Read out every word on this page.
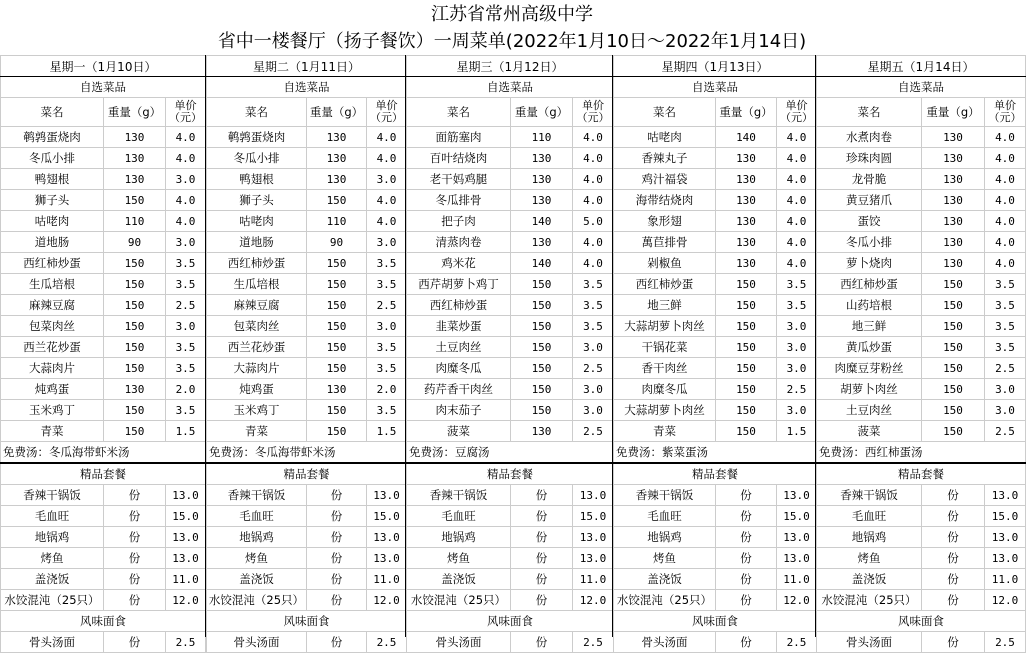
江苏省常州高级中学
省中一楼餐厅（扬子餐饮）一周菜单(2022年1月10日～2022年1月14日)
星期一（1月10日）		
自选菜品		
菜名	重量（g）	单价（元）
鹌鹑蛋烧肉	130	4.0
冬瓜小排	130	4.0
鸭翅根	130	3.0
狮子头	150	4.0
咕咾肉	110	4.0
道地肠	90	3.0
西红柿炒蛋	150	3.5
生瓜培根	150	3.5
麻辣豆腐	150	2.5
包菜肉丝	150	3.0
西兰花炒蛋	150	3.5
大蒜肉片	150	3.5
炖鸡蛋	130	2.0
玉米鸡丁	150	3.5
青菜	150	1.5
免费汤：冬瓜海带虾米汤		
精品套餐		
香辣干锅饭	份	13.0
毛血旺	份	15.0
地锅鸡	份	13.0
烤鱼	份	13.0
盖浇饭	份	11.0
水饺混沌（25只）	份	12.0
风味面食		
骨头汤面	份	2.5
星期二（1月11日）		
自选菜品		
菜名	重量（g）	单价（元）
鹌鹑蛋烧肉	130	4.0
冬瓜小排	130	4.0
鸭翅根	130	3.0
狮子头	150	4.0
咕咾肉	110	4.0
道地肠	90	3.0
西红柿炒蛋	150	3.5
生瓜培根	150	3.5
麻辣豆腐	150	2.5
包菜肉丝	150	3.0
西兰花炒蛋	150	3.5
大蒜肉片	150	3.5
炖鸡蛋	130	2.0
玉米鸡丁	150	3.5
青菜	150	1.5
免费汤：冬瓜海带虾米汤		
精品套餐		
香辣干锅饭	份	13.0
毛血旺	份	15.0
地锅鸡	份	13.0
烤鱼	份	13.0
盖浇饭	份	11.0
水饺混沌（25只）	份	12.0
风味面食		
骨头汤面	份	2.5
星期三（1月12日）		
自选菜品		
菜名	重量（g）	单价（元）
面筋塞肉	110	4.0
百叶结烧肉	130	4.0
老干妈鸡腿	130	4.0
冬瓜排骨	130	4.0
把子肉	140	5.0
清蒸肉卷	130	4.0
鸡米花	140	4.0
西芹胡萝卜鸡丁	150	3.5
西红柿炒蛋	150	3.5
韭菜炒蛋	150	3.5
土豆肉丝	150	3.0
肉糜冬瓜	150	2.5
药芹香干肉丝	150	3.0
肉末茄子	150	3.0
菠菜	130	2.5
免费汤：豆腐汤		
精品套餐		
香辣干锅饭	份	13.0
毛血旺	份	15.0
地锅鸡	份	13.0
烤鱼	份	13.0
盖浇饭	份	11.0
水饺混沌（25只）	份	12.0
风味面食		
骨头汤面	份	2.5
星期四（1月13日）		
自选菜品		
菜名	重量（g）	单价（元）
咕咾肉	140	4.0
香辣丸子	130	4.0
鸡汁福袋	130	4.0
海带结烧肉	130	4.0
象形翅	130	4.0
萬苣排骨	130	4.0
剁椒鱼	130	4.0
西红柿炒蛋	150	3.5
地三鲜	150	3.5
大蒜胡萝卜肉丝	150	3.0
干锅花菜	150	3.0
香干肉丝	150	3.0
肉糜冬瓜	150	2.5
大蒜胡萝卜肉丝	150	3.0
青菜	150	1.5
免费汤：紫菜蛋汤		
精品套餐		
香辣干锅饭	份	13.0
毛血旺	份	15.0
地锅鸡	份	13.0
烤鱼	份	13.0
盖浇饭	份	11.0
水饺混沌（25只）	份	12.0
风味面食		
骨头汤面	份	2.5
星期五（1月14日）		
自选菜品		
菜名	重量（g）	单价（元）
水煮肉卷	130	4.0
珍珠肉圆	130	4.0
龙骨脆	130	4.0
黄豆猪爪	130	4.0
蛋饺	130	4.0
冬瓜小排	130	4.0
萝卜烧肉	130	4.0
西红柿炒蛋	150	3.5
山药培根	150	3.5
地三鲜	150	3.5
黄瓜炒蛋	150	3.5
肉糜豆芽粉丝	150	2.5
胡萝卜肉丝	150	3.0
土豆肉丝	150	3.0
菠菜	150	2.5
免费汤：西红柿蛋汤		
精品套餐		
香辣干锅饭	份	13.0
毛血旺	份	15.0
地锅鸡	份	13.0
烤鱼	份	13.0
盖浇饭	份	11.0
水饺混沌（25只）	份	12.0
风味面食		
骨头汤面	份	2.5
